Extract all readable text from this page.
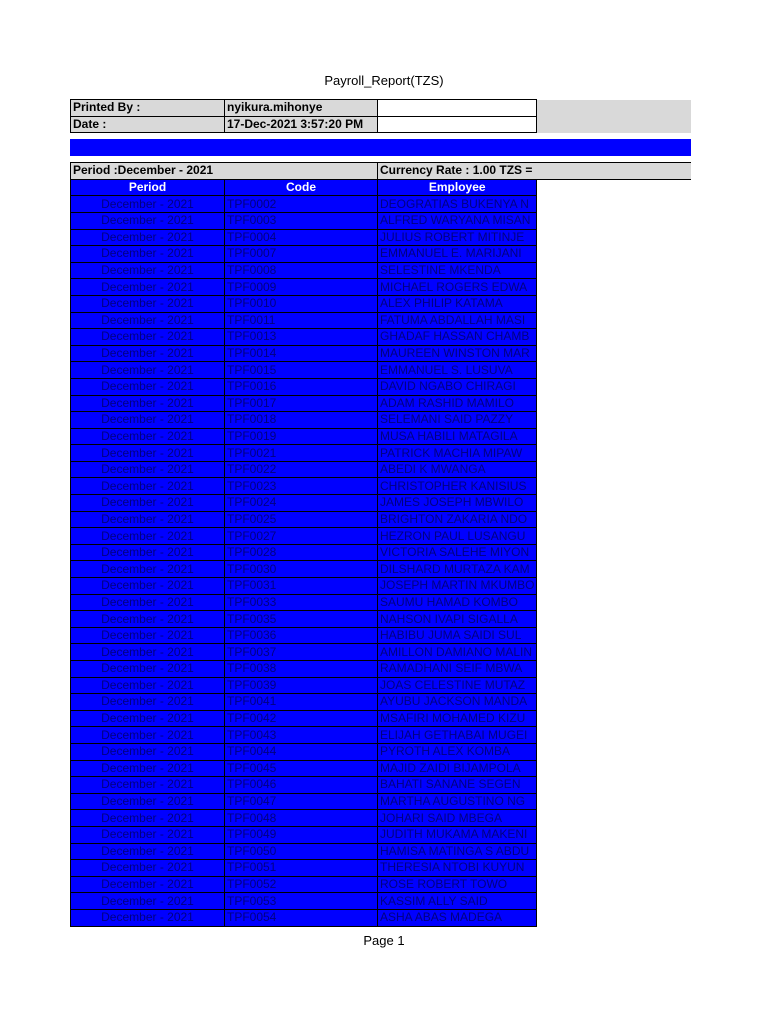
Payroll_Report(TZS)
Printed By :	nyikura.mihonye		
Date :	17-Dec-2021 3:57:20 PM		

Period :December - 2021		Currency Rate : 1.00 TZS =	
Period	Code	Employee	
December - 2021	TPF0002	DEOGRATIAS BUKENYA N	
December - 2021	TPF0003	ALFRED WARYANA MISAN	
December - 2021	TPF0004	JULIUS ROBERT MITINJE	
December - 2021	TPF0007	EMMANUEL E. MARIJANI	
December - 2021	TPF0008	SELESTINE MKENDA	
December - 2021	TPF0009	MICHAEL ROGERS EDWA	
December - 2021	TPF0010	ALEX PHILIP KATAMA	
December - 2021	TPF0011	FATUMA ABDALLAH MASI	
December - 2021	TPF0013	GHADAF HASSAN CHAMB	
December - 2021	TPF0014	MAUREEN WINSTON MAR	
December - 2021	TPF0015	EMMANUEL S. LUSUVA	
December - 2021	TPF0016	DAVID NGABO CHIRAGI	
December - 2021	TPF0017	ADAM RASHID MAMILO	
December - 2021	TPF0018	SELEMANI SAID PAZZY	
December - 2021	TPF0019	MUSA HABILI MATAGILA	
December - 2021	TPF0021	PATRICK MACHIA MIPAW	
December - 2021	TPF0022	ABEDI K MWANGA	
December - 2021	TPF0023	CHRISTOPHER KANISIUS	
December - 2021	TPF0024	JAMES JOSEPH MBWILO	
December - 2021	TPF0025	BRIGHTON ZAKARIA NDO	
December - 2021	TPF0027	HEZRON PAUL LUSANGU	
December - 2021	TPF0028	VICTORIA SALEHE MIYON	
December - 2021	TPF0030	DILSHARD MURTAZA KAM	
December - 2021	TPF0031	JOSEPH MARTIN MKUMBO	
December - 2021	TPF0033	SAUMU HAMAD KOMBO	
December - 2021	TPF0035	NAHSON IVAPI SIGALLA	
December - 2021	TPF0036	HABIBU JUMA SAIDI SUL	
December - 2021	TPF0037	AMILLON DAMIANO MALIN	
December - 2021	TPF0038	RAMADHANI SEIF MBWA	
December - 2021	TPF0039	JOAS CELESTINE MUTAZ	
December - 2021	TPF0041	AYUBU JACKSON MANDA	
December - 2021	TPF0042	MSAFIRI MOHAMED KIZU	
December - 2021	TPF0043	ELIJAH GETHABAI MUGEI	
December - 2021	TPF0044	PYROTH ALEX KOMBA	
December - 2021	TPF0045	MAJID ZAIDI BIJAMPOLA	
December - 2021	TPF0046	BAHATI SANANE SEGEN	
December - 2021	TPF0047	MARTHA AUGUSTINO NG	
December - 2021	TPF0048	JOHARI SAID MBEGA	
December - 2021	TPF0049	JUDITH MUKAMA MAKENI	
December - 2021	TPF0050	HAMISA MATINGA S ABDU	
December - 2021	TPF0051	THERESIA NTOBI KUYUN	
December - 2021	TPF0052	ROSE ROBERT TOWO	
December - 2021	TPF0053	KASSIM ALLY SAID	
December - 2021	TPF0054	ASHA ABAS MADEGA	
Page 1
